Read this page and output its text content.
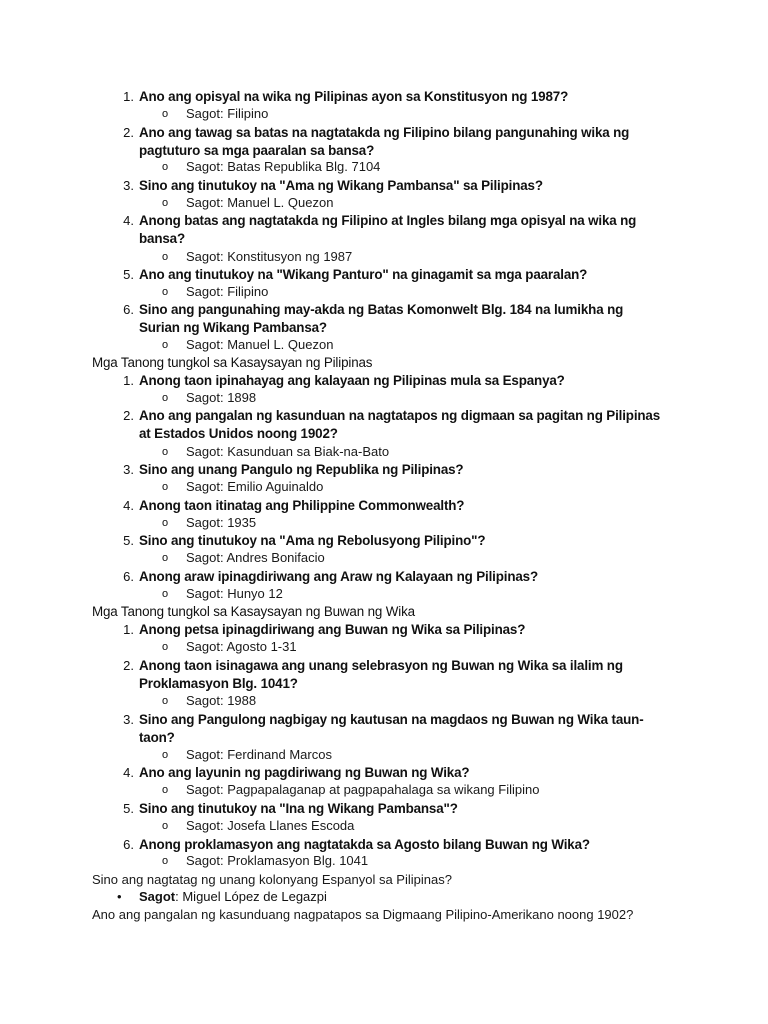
1. Ano ang opisyal na wika ng Pilipinas ayon sa Konstitusyon ng 1987?
o Sagot: Filipino
2. Ano ang tawag sa batas na nagtatakda ng Filipino bilang pangunahing wika ng
pagtuturo sa mga paaralan sa bansa?
o Sagot: Batas Republika Blg. 7104
3. Sino ang tinutukoy na "Ama ng Wikang Pambansa" sa Pilipinas?
o Sagot: Manuel L. Quezon
4. Anong batas ang nagtatakda ng Filipino at Ingles bilang mga opisyal na wika ng
bansa?
o Sagot: Konstitusyon ng 1987
5. Ano ang tinutukoy na "Wikang Panturo" na ginagamit sa mga paaralan?
o Sagot: Filipino
6. Sino ang pangunahing may-akda ng Batas Komonwelt Blg. 184 na lumikha ng
Surian ng Wikang Pambansa?
o Sagot: Manuel L. Quezon
Mga Tanong tungkol sa Kasaysayan ng Pilipinas
1. Anong taon ipinahayag ang kalayaan ng Pilipinas mula sa Espanya?
o Sagot: 1898
2. Ano ang pangalan ng kasunduan na nagtatapos ng digmaan sa pagitan ng Pilipinas
at Estados Unidos noong 1902?
o Sagot: Kasunduan sa Biak-na-Bato
3. Sino ang unang Pangulo ng Republika ng Pilipinas?
o Sagot: Emilio Aguinaldo
4. Anong taon itinatag ang Philippine Commonwealth?
o Sagot: 1935
5. Sino ang tinutukoy na "Ama ng Rebolusyong Pilipino"?
o Sagot: Andres Bonifacio
6. Anong araw ipinagdiriwang ang Araw ng Kalayaan ng Pilipinas?
o Sagot: Hunyo 12
Mga Tanong tungkol sa Kasaysayan ng Buwan ng Wika
1. Anong petsa ipinagdiriwang ang Buwan ng Wika sa Pilipinas?
o Sagot: Agosto 1-31
2. Anong taon isinagawa ang unang selebrasyon ng Buwan ng Wika sa ilalim ng
Proklamasyon Blg. 1041?
o Sagot: 1988
3. Sino ang Pangulong nagbigay ng kautusan na magdaos ng Buwan ng Wika taun-
taon?
o Sagot: Ferdinand Marcos
4. Ano ang layunin ng pagdiriwang ng Buwan ng Wika?
o Sagot: Pagpapalaganap at pagpapahalaga sa wikang Filipino
5. Sino ang tinutukoy na "Ina ng Wikang Pambansa"?
o Sagot: Josefa Llanes Escoda
6. Anong proklamasyon ang nagtatakda sa Agosto bilang Buwan ng Wika?
o Sagot: Proklamasyon Blg. 1041
Sino ang nagtatag ng unang kolonyang Espanyol sa Pilipinas?
• Sagot: Miguel López de Legazpi
Ano ang pangalan ng kasunduang nagpatapos sa Digmaang Pilipino-Amerikano noong 1902?
